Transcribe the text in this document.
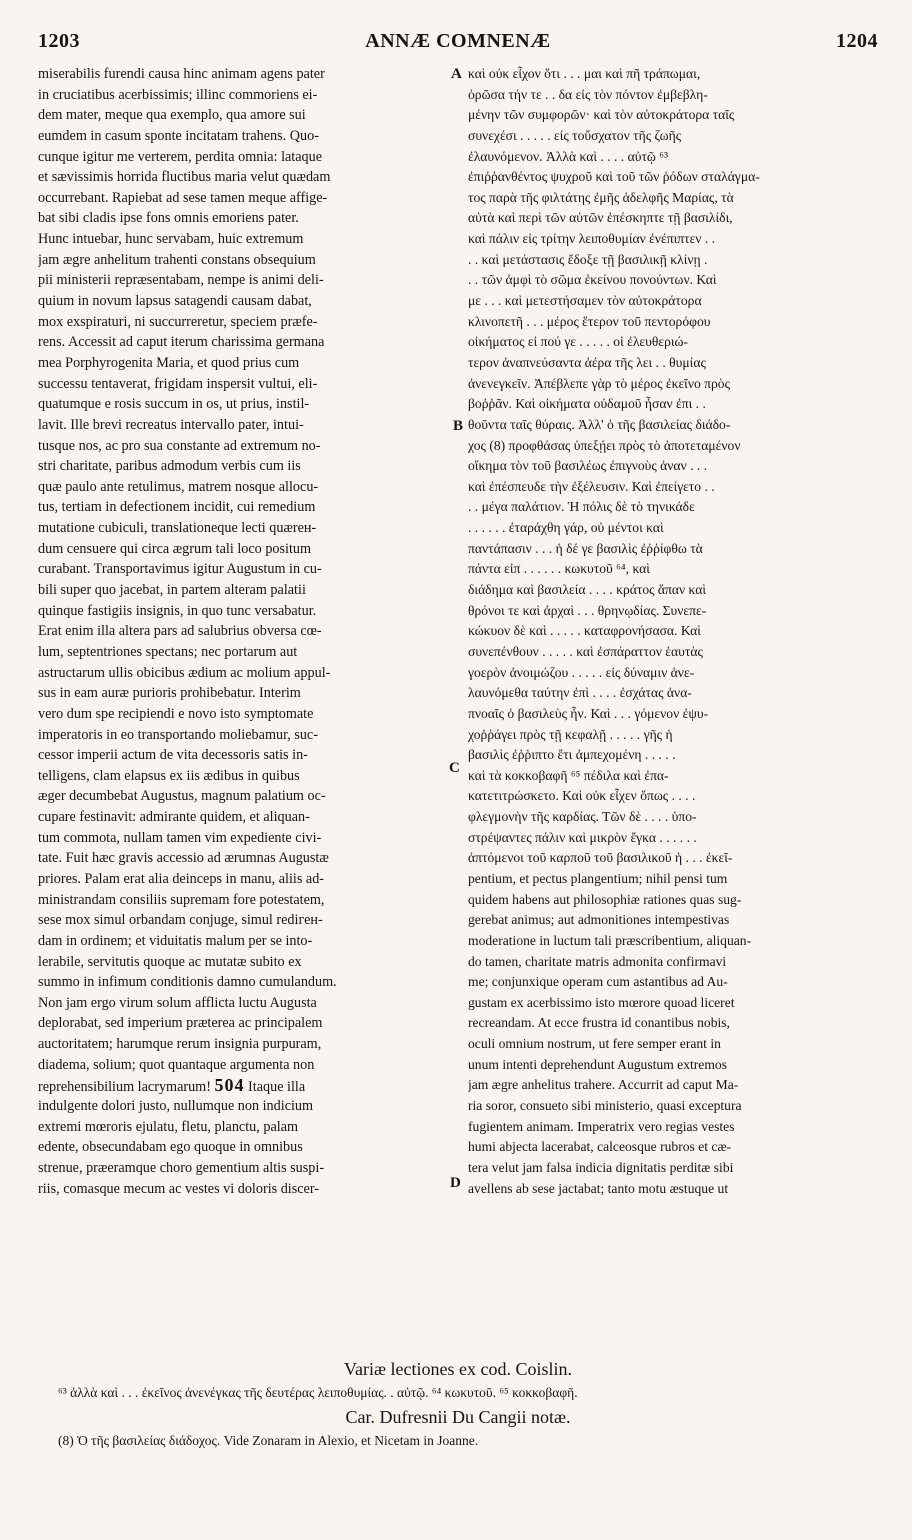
ANNÆ COMNENÆ
1203	1204
miserabilis furendi causa hinc animam agens pater
in cruciatibus acerbissimis; illinc commoriens ei-
dem mater, meque qua exemplo, qua amore sui
eumdem in casum sponte incitatam trahens. Quo-
cunque igitur me verterem, perdita omnia: lataque
et sævissimis horrida fluctibus maria velut quædam
occurrebant. Rapiebat ad sese tamen meque affige-
bat sibi cladis ipse fons omnis emoriens pater.
Hunc intuebar, hunc servabam, huic extremum
jam ægre anhelitum trahenti constans obsequium
pii ministerii repræsentabam, nempe is animi deli-
quium in novum lapsus satagendi causam dabat,
mox exspiraturi, ni succurreretur, speciem præfe-
rens. Accessit ad caput iterum charissima germana
mea Porphyrogenita Maria, et quod prius cum
successu tentaverat, frigidam inspersit vultui, eli-
quatumque e rosis succum in os, ut prius, instil-
lavit. Ille brevi recreatus intervallo pater, intui-
tusque nos, ac pro sua constante ad extremum no-
stri charitate, paribus admodum verbis cum iis
quæ paulo ante retulimus, matrem nosque allocu-
tus, tertiam in defectionem incidit, cui remedium
mutatione cubiculi, translationeque lecti quærен-
dum censuere qui circa ægrum tali loco positum
curabant. Transportavimus igitur Augustum in cu-
bili super quo jacebat, in partem alteram palatii
quinque fastigiis insignis, in quo tunc versabatur.
Erat enim illa altera pars ad salubrius obversa cœ-
lum, septentriones spectans; nec portarum aut
astructarum ullis obicibus ædium ac molium appul-
sus in eam auræ purioris prohibebatur. Interim
vero dum spe recipiendi e novo isto symptomate
imperatoris in eo transportando moliebamur, suc-
cessor imperii actum de vita decessoris satis in-
telligens, clam elapsus ex iis ædibus in quibus
æger decumbebat Augustus, magnum palatium oc-
cupare festinavit: admirante quidem, et aliquan-
tum commota, nullam tamen vim expediente civi-
tate. Fuit hæc gravis accessio ad ærumnas Augustæ
priores. Palam erat alia deinceps in manu, aliis ad-
ministrandam consiliis supremam fore potestatem,
sese mox simul orbandam conjuge, simul rediген-
dam in ordinem; et viduitatis malum per se into-
lerabile, servitutis quoque ac mutatæ subito ex
summo in infimum conditionis damno cumulandum.
Non jam ergo virum solum afflicta luctu Augusta
deplorabat, sed imperium præterea ac principalem
auctoritatem; harumque rerum insignia purpuram,
diadema, solium; quot quantaque argumenta non
reprehensibilium lacrymarum! 504 Itaque illa
indulgente dolori justo, nullumque non indicium
extremi mœroris ejulatu, fletu, planctu, palam
edente, obsecundabam ego quoque in omnibus
strenue, præeramque choro gementium altis suspi-
riis, comasque mecum ac vestes vi doloris discer-
καὶ οὐκ εἶχον ὅτι . . . μαι καὶ πῆ τράπωμαι,
ὁρῶσα τήν τε . . δα εἰς τὸν πόντον ἐμβεβλη-
μένην τῶν συμφορῶν· καὶ τὸν αὐτοκράτορα ταῖς
συνεχέσι . . . . . εἰς τοὔσχατον τῆς ζωῆς
ἐλαυνόμενον. Ἀλλὰ καὶ . . . . αὐτῷ ⁶³
ἐπιῤῥανθέντος ψυχροῦ καὶ τοῦ τῶν ῥόδων σταλάγμα-
τος παρὰ τῆς φιλτάτης ἐμῆς ἀδελφῆς Μαρίας, τὰ
αὐτὰ καὶ περὶ τῶν αὐτῶν ἐπέσκηπτε τῇ βασιλίδι,
καὶ πάλιν εἰς τρίτην λειποθυμίαν ἐνέπιπτεν . .
. . καὶ μετάστασις ἔδοξε τῇ βασιλικῇ κλίνῃ .
. . τῶν ἀμφὶ τὸ σῶμα ἐκείνου πονούντων. Καὶ
με . . . καὶ μετεστήσαμεν τὸν αὐτοκράτορα
κλινοπετῆ . . . μέρος ἕτερον τοῦ πεντορόφου
οἰκήματος εἰ πού γε . . . . . οἱ ἐλευθεριώ-
τερον ἀναπνεύσαντα ἀέρα τῆς λει . . θυμίας
ἀνενεγκεῖν. Ἀπέβλεπε γὰρ τὸ μέρος ἐκεῖνο πρὸς
βοῤῥᾶν. Καὶ οἰκήματα οὐδαμοῦ ἦσαν ἐπι . .
θοῦντα ταῖς θύραις. Ἀλλ' ὁ τῆς βασιλείας διάδο-
χος (8) προφθάσας ὑπεξῄει πρὸς τὸ ἀποτεταμένον
οἴκημα τὸν τοῦ βασιλέως ἐπιγνοὺς ἀναν . . .
καὶ ἐπέσπευδε τὴν ἐξέλευσιν. Καὶ ἐπείγετο . .
. . μέγα παλάτιον. Ἡ πόλις δὲ τὸ τηνικάδε
. . . . . . ἐταράχθη γάρ, οὐ μέντοι καὶ
παντάπασιν . . . ἡ δέ γε βασιλὶς ἐῤῥίφθω τὰ
πάντα εἰπ . . . . . . κωκυτοῦ ⁶⁴, καὶ
διάδημα καὶ βασιλεία . . . . κράτος ἅπαν καὶ
θρόνοι τε καὶ ἀρχαὶ . . . θρηνῳδίας. Συνεπε-
κώκυον δὲ καὶ . . . . . καταφρονήσασα. Καὶ
συνεπένθουν . . . . . καὶ ἐσπάραττον ἑαυτὰς
γοερὸν ἀνοιμώζου . . . . . εἰς δύναμιν ἀνε-
λαυνόμεθα ταύτην ἐπὶ . . . . ἐσχάτας ἀνα-
πνοαῖς ὁ βασιλεὺς ἦν. Καὶ . . . γόμενον ἐψυ-
χοῤῥάγει πρὸς τῇ κεφαλῇ . . . . . γῆς ἡ
βασιλὶς ἐῤῥιπτο ἔτι ἀμπεχομένη . . . . .
καὶ τὰ κοκκοβαφῆ ⁶⁵ πέδιλα καὶ ἐπα-
κατετιτρώσκετο. Καὶ οὐκ εἶχεν ὅπως . . . .
φλεγμονὴν τῆς καρδίας. Τῶν δὲ . . . . ὑπο-
στρέψαντες πάλιν καὶ μικρὸν ἔγκα . . . . . .
ἀπτόμενοι τοῦ καρποῦ τοῦ βασιλικοῦ ἡ . . . ἐκεῖ-
pentium, et pectus plangentium; nihil pensi tum
quidem habens aut philosophiæ rationes quas sug-
gerebat animus; aut admonitiones intempestivas
moderatione in luctum tali præscribentium, aliquan-
do tamen, charitate matris admonita confirmavi
me; conjunxique operam cum astantibus ad Au-
gustam ex acerbissimo isto mœrore quoad liceret
recreandam. At ecce frustra id conantibus nobis,
oculi omnium nostrum, ut fere semper erant in
unum intenti deprehendunt Augustum extremos
jam ægre anhelitus trahere. Accurrit ad caput Ma-
ria soror, consueto sibi ministerio, quasi exceptura
fugientem animam. Imperatrix vero regias vestes
humi abjecta lacerabat, calceosque rubros et cæ-
tera velut jam falsa indicia dignitatis perditæ sibi
avellens ab sese jactabat; tanto motu æstuque ut
A
B
C
D
Variæ lectiones ex cod. Coislin.
⁶³ ἀλλὰ καὶ . . . ἐκεῖνος ἀνενέγκας τῆς δευτέρας λειποθυμίας. . αὐτῷ. ⁶⁴ κωκυτοῦ. ⁶⁵ κοκκοβαφῆ.
Car. Dufresnii Du Cangii notæ.
(8) Ὁ τῆς βασιλείας διάδοχος. Vide Zonaram in Alexio, et Nicetam in Joanne.
